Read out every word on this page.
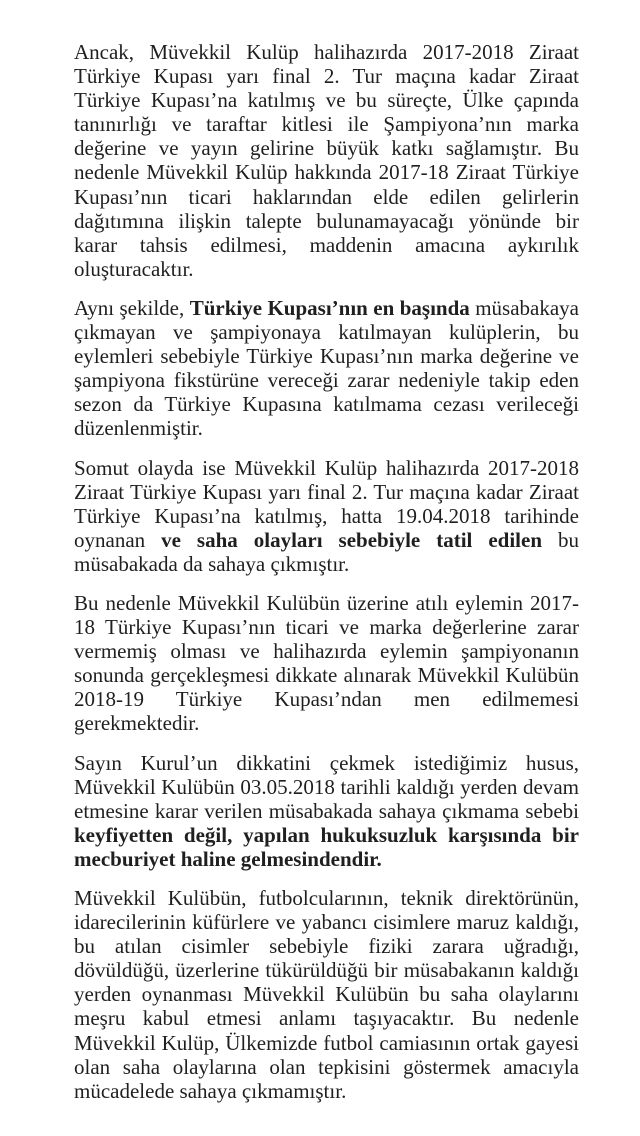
Ancak, Müvekkil Kulüp halihazırda 2017-2018 Ziraat Türkiye Kupası yarı final 2. Tur maçına kadar Ziraat Türkiye Kupası’na katılmış ve bu süreçte, Ülke çapında tanınırlığı ve taraftar kitlesi ile Şampiyona’nın marka değerine ve yayın gelirine büyük katkı sağlamıştır. Bu nedenle Müvekkil Kulüp hakkında 2017-18 Ziraat Türkiye Kupası’nın ticari haklarından elde edilen gelirlerin dağıtımına ilişkin talepte bulunamayacağı yönünde bir karar tahsis edilmesi, maddenin amacına aykırılık oluşturacaktır.

Aynı şekilde, Türkiye Kupası’nın en başında müsabakaya çıkmayan ve şampiyonaya katılmayan kulüplerin, bu eylemleri sebebiyle Türkiye Kupası’nın marka değerine ve şampiyona fikstürüne vereceği zarar nedeniyle takip eden sezon da Türkiye Kupasına katılmama cezası verileceği düzenlenmiştir.

Somut olayda ise Müvekkil Kulüp halihazırda 2017-2018 Ziraat Türkiye Kupası yarı final 2. Tur maçına kadar Ziraat Türkiye Kupası’na katılmış, hatta 19.04.2018 tarihinde oynanan ve saha olayları sebebiyle tatil edilen bu müsabakada da sahaya çıkmıştır.

Bu nedenle Müvekkil Kulübün üzerine atılı eylemin 2017-18 Türkiye Kupası’nın ticari ve marka değerlerine zarar vermemiş olması ve halihazırda eylemin şampiyonanın sonunda gerçekleşmesi dikkate alınarak Müvekkil Kulübün 2018-19 Türkiye Kupası’ndan men edilmemesi gerekmektedir.

Sayın Kurul’un dikkatini çekmek istediğimiz husus, Müvekkil Kulübün 03.05.2018 tarihli kaldığı yerden devam etmesine karar verilen müsabakada sahaya çıkmama sebebi keyfiyetten değil, yapılan hukuksuzluk karşısında bir mecburiyet haline gelmesindendir.

Müvekkil Kulübün, futbolcularının, teknik direktörünün, idarecilerinin küfürlere ve yabancı cisimlere maruz kaldığı, bu atılan cisimler sebebiyle fiziki zarara uğradığı, dövüldüğü, üzerlerine tükürüldüğü bir müsabakanın kaldığı yerden oynanması Müvekkil Kulübün bu saha olaylarını meşru kabul etmesi anlamı taşıyacaktır. Bu nedenle Müvekkil Kulüp, Ülkemizde futbol camiasının ortak gayesi olan saha olaylarına olan tepkisini göstermek amacıyla mücadelede sahaya çıkmamıştır.
